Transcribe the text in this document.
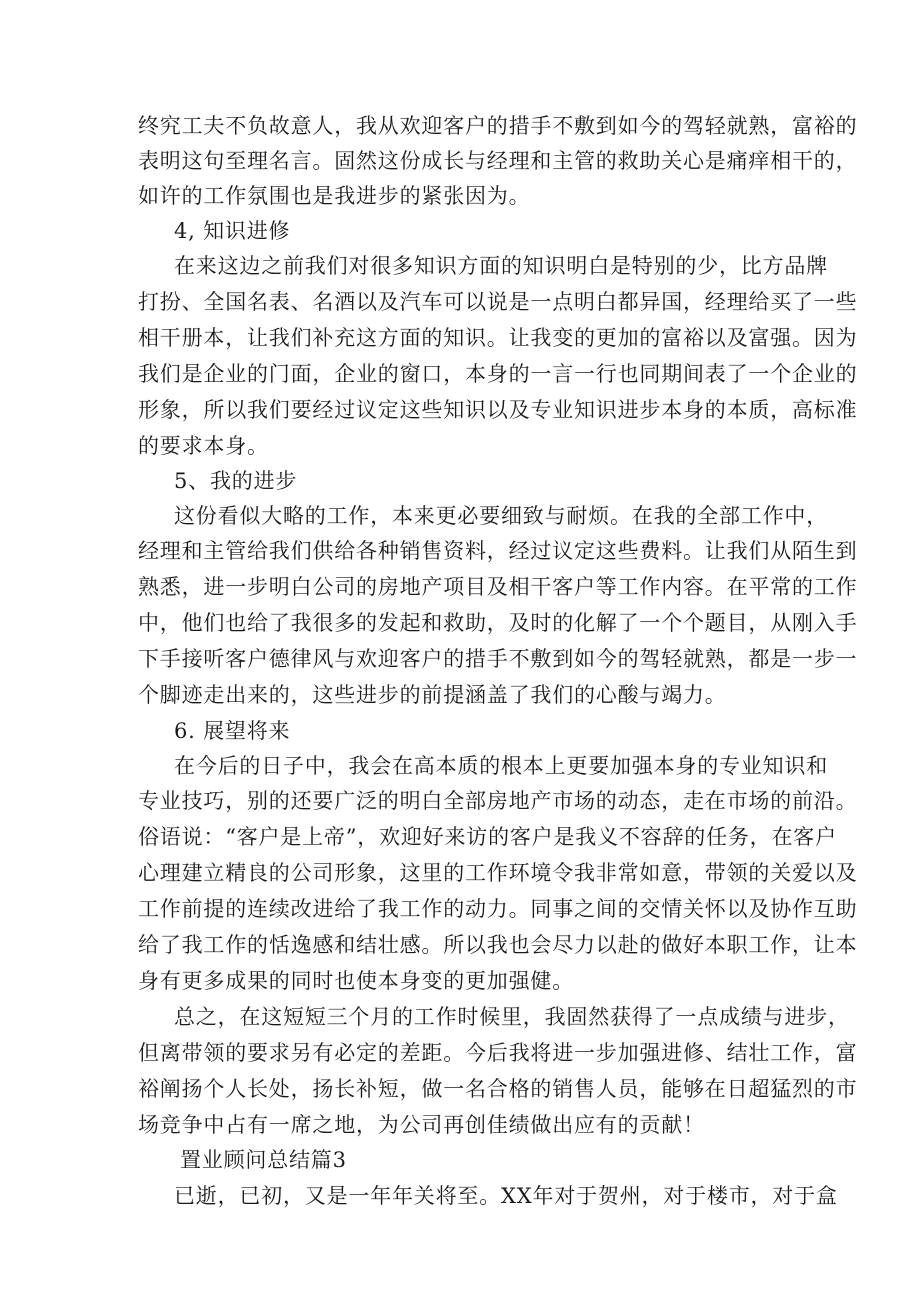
终究工夫不负故意人，我从欢迎客户的措手不敷到如今的驾轻就熟，富裕的
表明这句至理名言。固然这份成长与经理和主管的救助关心是痛痒相干的，
如许的工作氛围也是我进步的紧张因为。
4, 知识进修
在来这边之前我们对很多知识方面的知识明白是特别的少，比方品牌
打扮、全国名表、名酒以及汽车可以说是一点明白都异国，经理给买了一些
相干册本，让我们补充这方面的知识。让我变的更加的富裕以及富强。因为
我们是企业的门面，企业的窗口，本身的一言一行也同期间表了一个企业的
形象，所以我们要经过议定这些知识以及专业知识进步本身的本质，高标准
的要求本身。
5、我的进步
这份看似大略的工作，本来更必要细致与耐烦。在我的全部工作中，
经理和主管给我们供给各种销售资料，经过议定这些费料。让我们从陌生到
熟悉，进一步明白公司的房地产项目及相干客户等工作内容。在平常的工作
中，他们也给了我很多的发起和救助，及时的化解了一个个题目，从刚入手
下手接听客户德律风与欢迎客户的措手不敷到如今的驾轻就熟，都是一步一
个脚迹走出来的，这些进步的前提涵盖了我们的心酸与竭力。
6. 展望将来
在今后的日子中，我会在高本质的根本上更要加强本身的专业知识和
专业技巧，别的还要广泛的明白全部房地产市场的动态，走在市场的前沿。
俗语说：“客户是上帝”，欢迎好来访的客户是我义不容辞的任务，在客户
心理建立精良的公司形象，这里的工作环境令我非常如意，带领的关爱以及
工作前提的连续改进给了我工作的动力。同事之间的交情关怀以及协作互助
给了我工作的恬逸感和结壮感。所以我也会尽力以赴的做好本职工作，让本
身有更多成果的同时也使本身变的更加强健。
总之，在这短短三个月的工作时候里，我固然获得了一点成绩与进步，
但离带领的要求另有必定的差距。今后我将进一步加强进修、结壮工作，富
裕阐扬个人长处，扬长补短，做一名合格的销售人员，能够在日超猛烈的市
场竞争中占有一席之地，为公司再创佳绩做出应有的贡献！
置业顾问总结篇3
已逝，已初，又是一年年关将至。XX年对于贺州，对于楼市，对于盒
